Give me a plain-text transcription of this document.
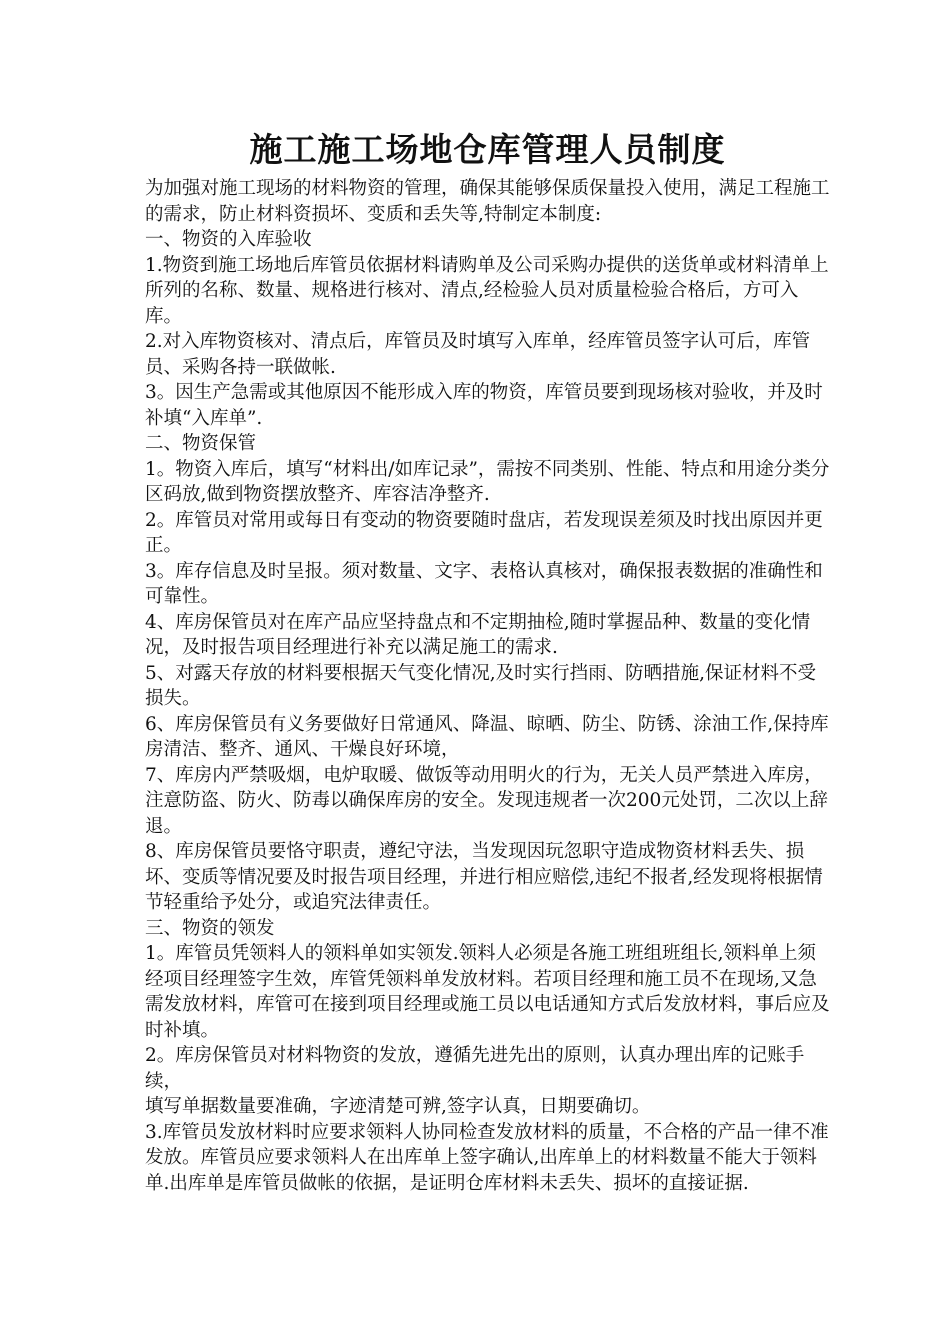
施工施工场地仓库管理人员制度

为加强对施工现场的材料物资的管理，确保其能够保质保量投入使用，满足工程施工的需求，防止材料资损坏、变质和丢失等,特制定本制度:

一、物资的入库验收

1.物资到施工场地后库管员依据材料请购单及公司采购办提供的送货单或材料清单上所列的名称、数量、规格进行核对、清点,经检验人员对质量检验合格后，方可入库。

2.对入库物资核对、清点后，库管员及时填写入库单，经库管员签字认可后，库管员、采购各持一联做帐.

3。因生产急需或其他原因不能形成入库的物资，库管员要到现场核对验收，并及时补填“入库单”.

二、物资保管

1。物资入库后，填写“材料出/如库记录”，需按不同类别、性能、特点和用途分类分区码放,做到物资摆放整齐、库容洁净整齐.

2。库管员对常用或每日有变动的物资要随时盘店，若发现误差须及时找出原因并更正。

3。库存信息及时呈报。须对数量、文字、表格认真核对，确保报表数据的准确性和可靠性。

4、库房保管员对在库产品应坚持盘点和不定期抽检,随时掌握品种、数量的变化情况，及时报告项目经理进行补充以满足施工的需求.

5、对露天存放的材料要根据天气变化情况,及时实行挡雨、防晒措施,保证材料不受损失。

6、库房保管员有义务要做好日常通风、降温、晾晒、防尘、防锈、涂油工作,保持库房清洁、整齐、通风、干燥良好环境，

7、库房内严禁吸烟，电炉取暖、做饭等动用明火的行为，无关人员严禁进入库房，注意防盗、防火、防毒以确保库房的安全。发现违规者一次200元处罚，二次以上辞退。

8、库房保管员要恪守职责，遵纪守法，当发现因玩忽职守造成物资材料丢失、损坏、变质等情况要及时报告项目经理，并进行相应赔偿,违纪不报者,经发现将根据情节轻重给予处分，或追究法律责任。

三、物资的领发

1。库管员凭领料人的领料单如实领发.领料人必须是各施工班组班组长,领料单上须经项目经理签字生效，库管凭领料单发放材料。若项目经理和施工员不在现场,又急需发放材料，库管可在接到项目经理或施工员以电话通知方式后发放材料，事后应及时补填。

2。库房保管员对材料物资的发放，遵循先进先出的原则，认真办理出库的记账手续，

填写单据数量要准确，字迹清楚可辨,签字认真，日期要确切。

3.库管员发放材料时应要求领料人协同检查发放材料的质量，不合格的产品一律不准发放。库管员应要求领料人在出库单上签字确认,出库单上的材料数量不能大于领料单.出库单是库管员做帐的依据，是证明仓库材料未丢失、损坏的直接证据.
